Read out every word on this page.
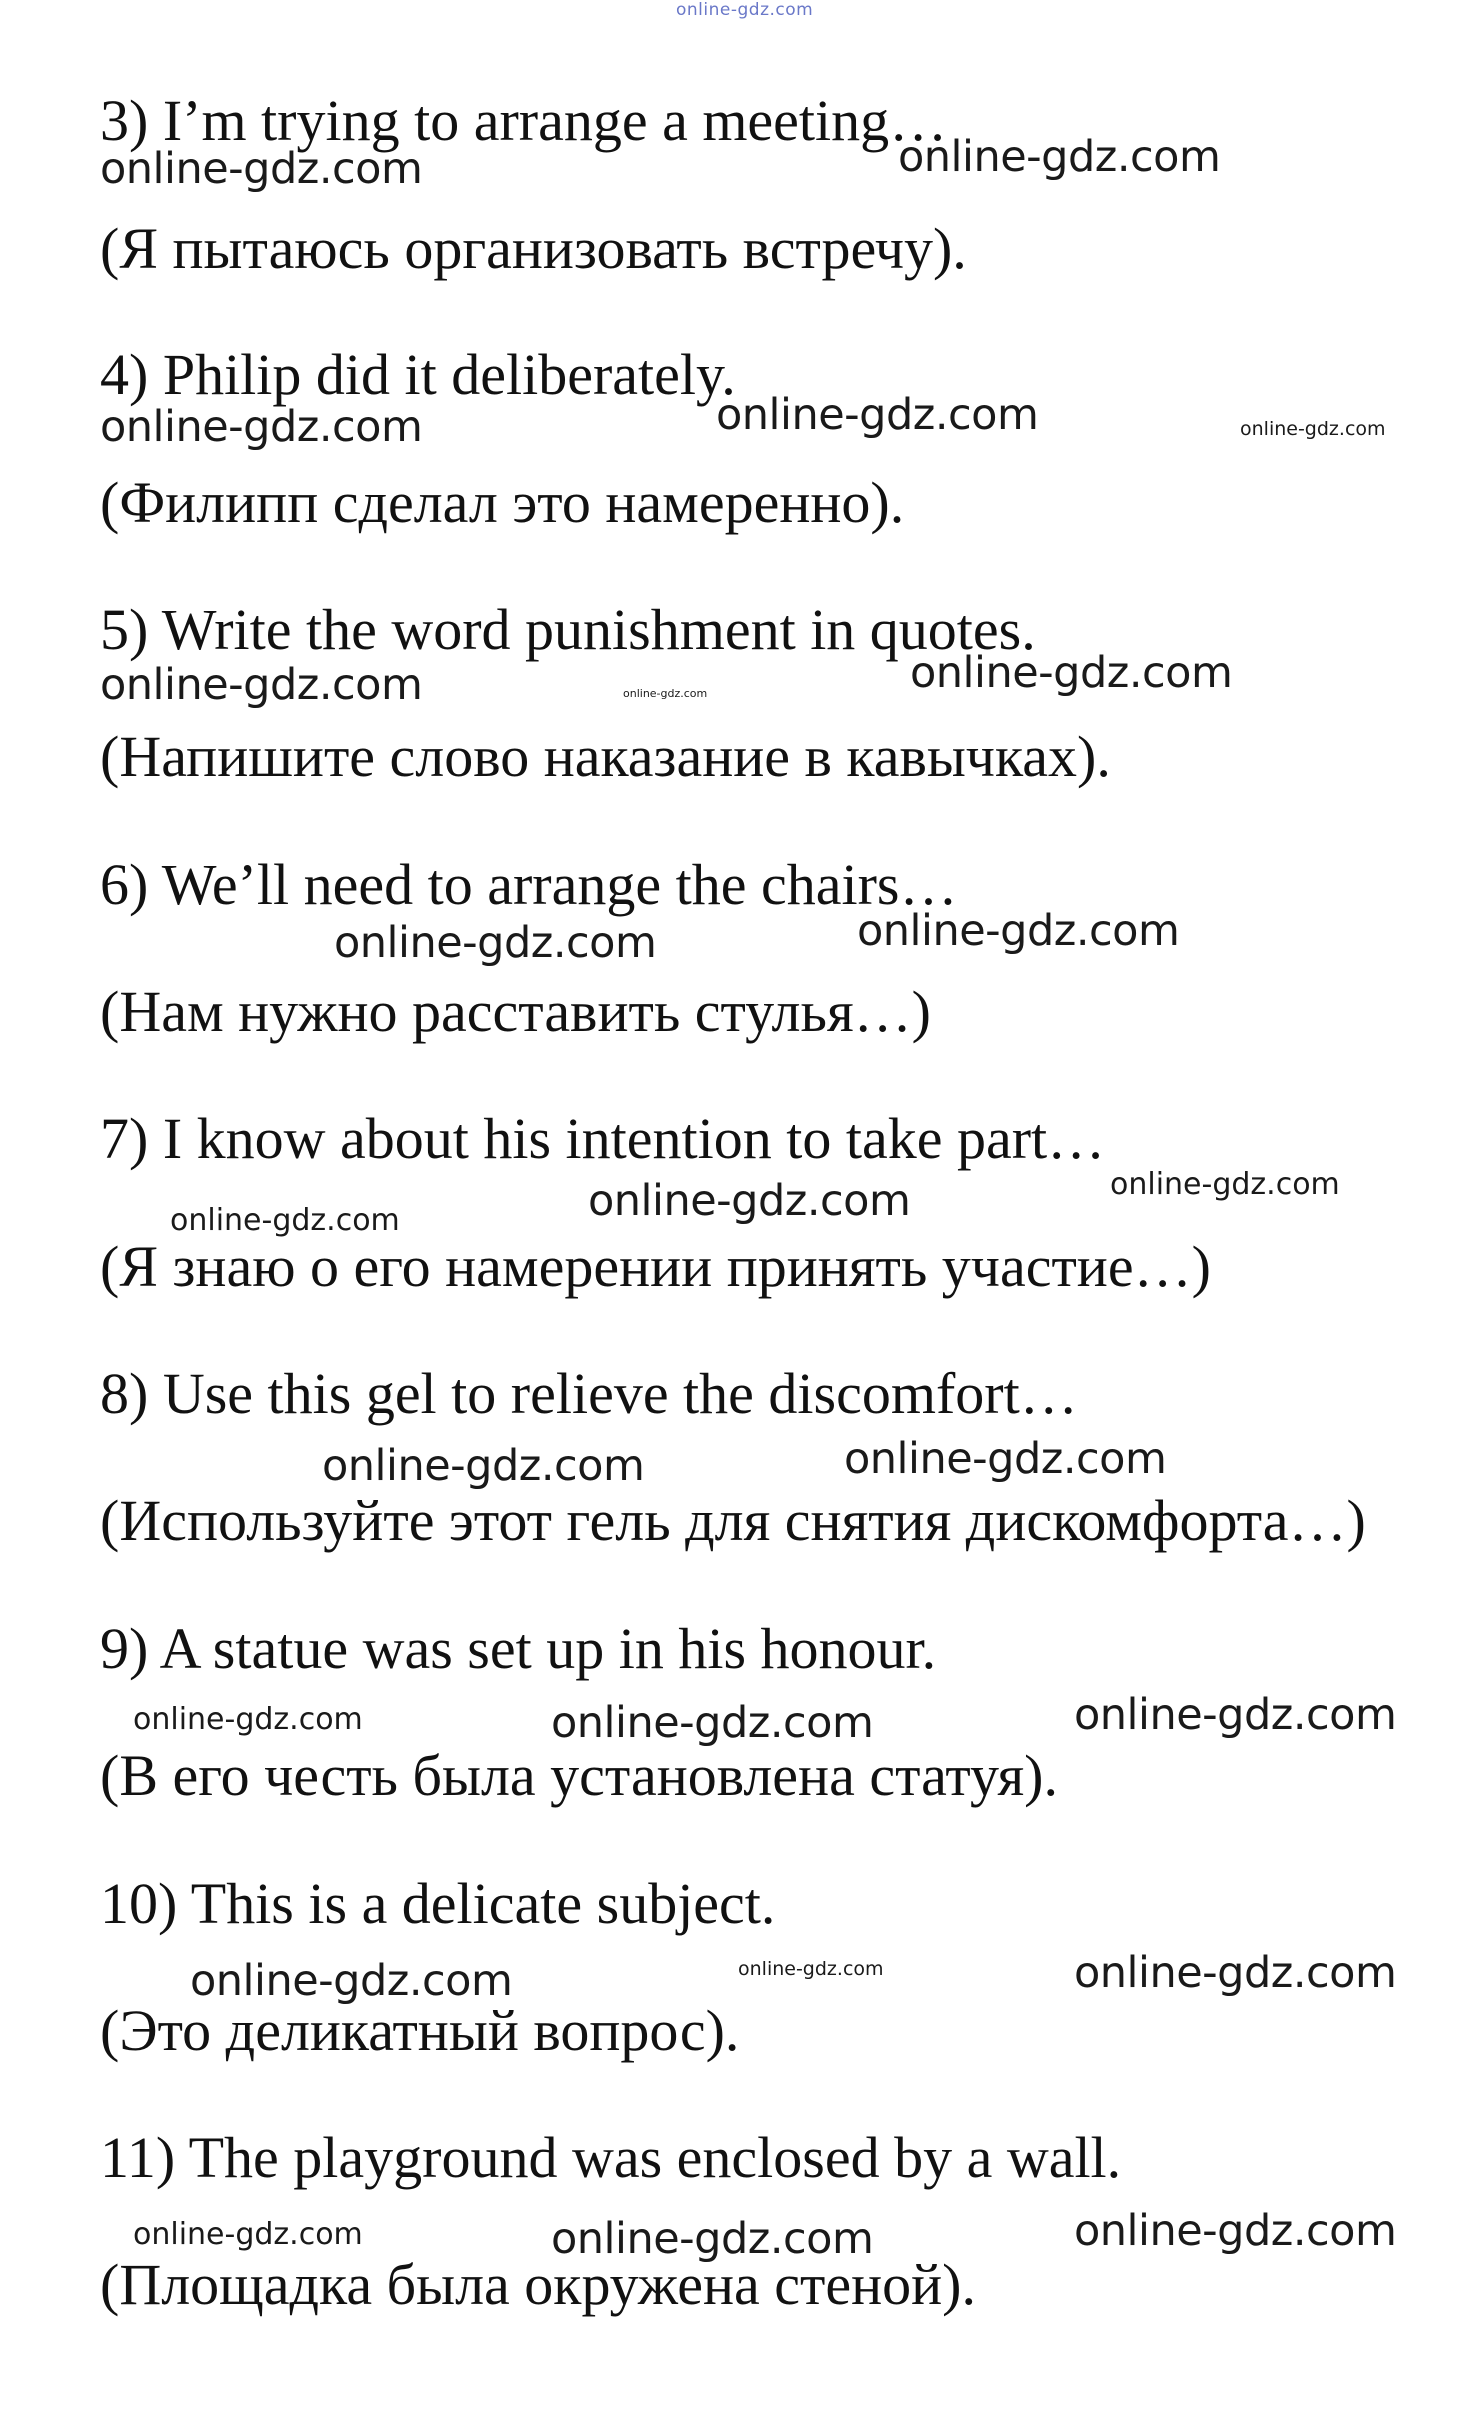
online-gdz.com

3) I’m trying to arrange a meeting…

(Я пытаюсь организовать встречу).

4) Philip did it deliberately.

(Филипп сделал это намеренно).

5) Write the word punishment in quotes.

(Напишите слово наказание в кавычках).

6) We’ll need to arrange the chairs…

(Нам нужно расставить стулья…)

7) I know about his intention to take part…

(Я знаю о его намерении принять участие…)

8) Use this gel to relieve the discomfort…

(Используйте этот гель для снятия дискомфорта…)

9) A statue was set up in his honour.

(В его честь была установлена статуя).

10) This is a delicate subject.

(Это деликатный вопрос).

11) The playground was enclosed by a wall.

(Площадка была окружена стеной).

online-gdz.com	online-gdz.com

online-gdz.com	online-gdz.com	online-gdz.com

online-gdz.com	online-gdz.com	online-gdz.com

online-gdz.com	online-gdz.com

online-gdz.com	online-gdz.com	online-gdz.com

online-gdz.com	online-gdz.com

online-gdz.com	online-gdz.com	online-gdz.com

online-gdz.com	online-gdz.com	online-gdz.com

online-gdz.com	online-gdz.com	online-gdz.com
